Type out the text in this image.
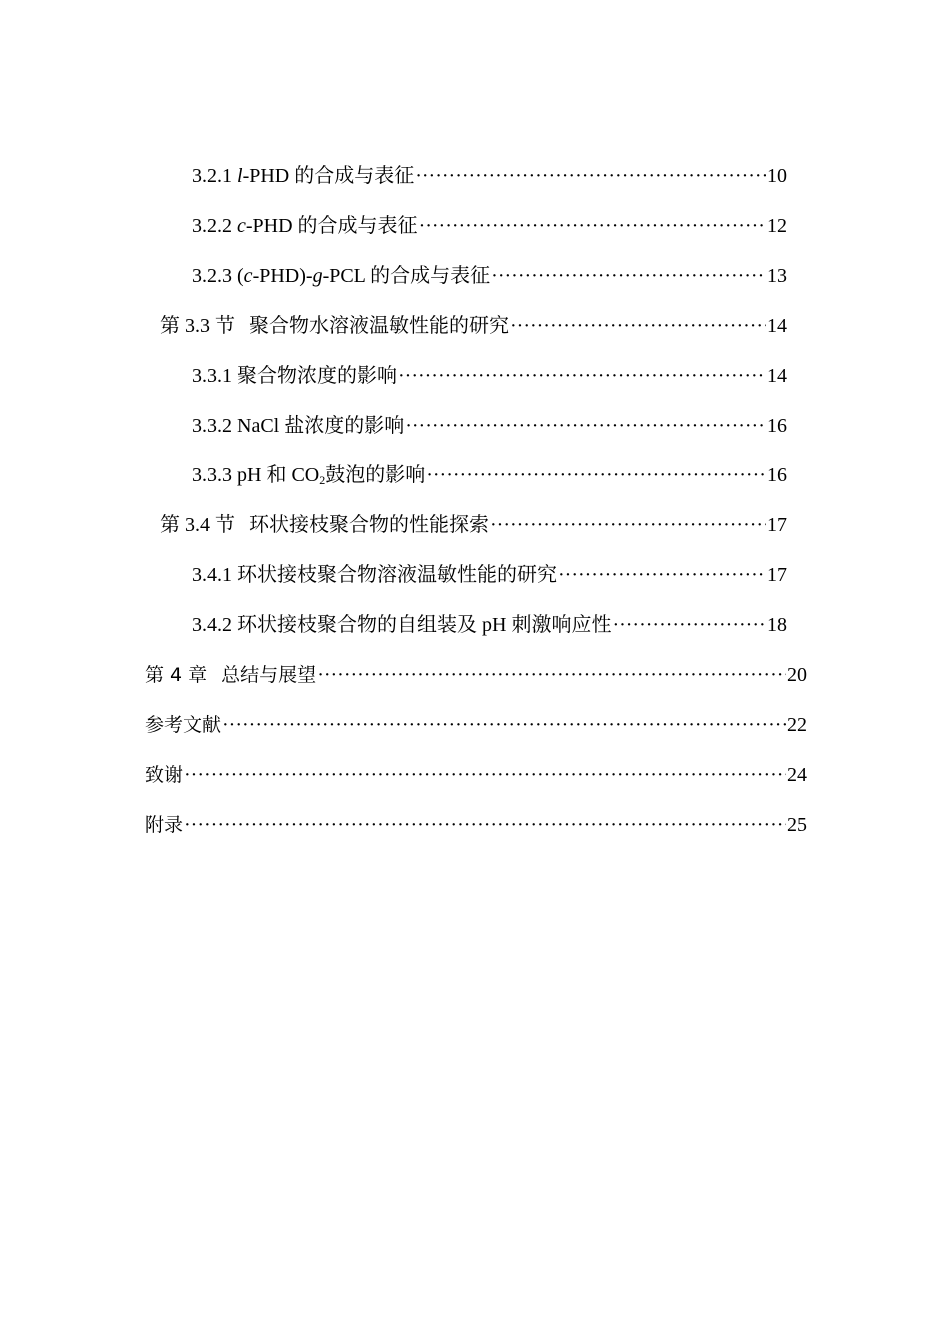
3.2.1 l-PHD 的合成与表征 ·····	10
3.2.2 c-PHD 的合成与表征 ·····	12
3.2.3 (c-PHD)-g-PCL 的合成与表征 ·····	13
第 3.3 节 聚合物水溶液温敏性能的研究 ·····	14
3.3.1 聚合物浓度的影响 ·····	14
3.3.2 NaCl 盐浓度的影响 ·····	16
3.3.3 pH 和 $CO_2$鼓泡的影响 ·····	16
第 3.4 节 环状接枝聚合物的性能探索 ·····	17
3.4.1 环状接枝聚合物溶液温敏性能的研究 ·····	17
3.4.2 环状接枝聚合物的自组装及 pH 刺激响应性 ·····	18
第 4 章 总结与展望 ·····	20
参考文献 ·····	22
致谢 ·····	24
附录 ·····	25
